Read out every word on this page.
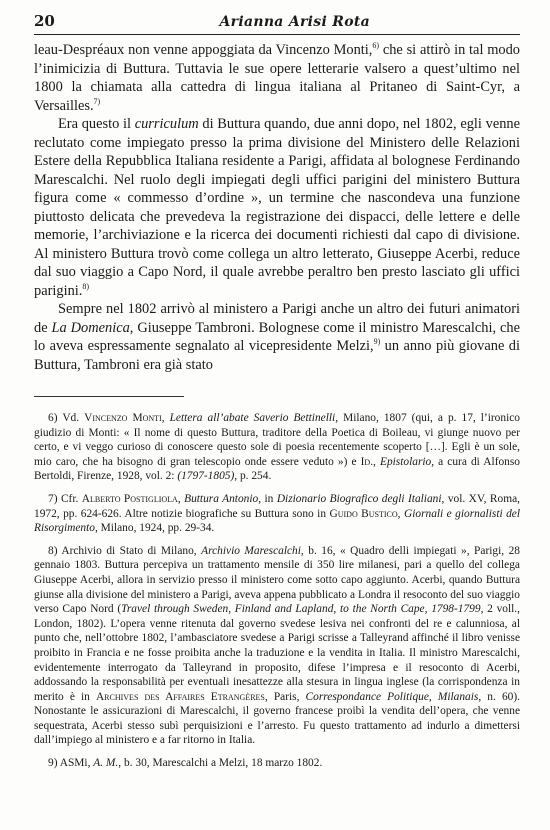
20	Arianna Arisi Rota

leau-Despréaux non venne appoggiata da Vincenzo Monti,$^{6)}$ che si attirò in tal modo l’inimicizia di Buttura. Tuttavia le sue opere letterarie valsero a quest’ultimo nel 1800 la chiamata alla cattedra di lingua italiana al Pritaneo di Saint-Cyr, a Versailles.$^{7)}$

Era questo il curriculum di Buttura quando, due anni dopo, nel 1802, egli venne reclutato come impiegato presso la prima divisione del Ministero delle Relazioni Estere della Repubblica Italiana residente a Parigi, affidata al bolognese Ferdinando Marescalchi. Nel ruolo degli impiegati degli uffici parigini del ministero Buttura figura come « commesso d’ordine », un termine che nascondeva una funzione piuttosto delicata che prevedeva la registrazione dei dispacci, delle lettere e delle memorie, l’archiviazione e la ricerca dei documenti richiesti dal capo di divisione. Al ministero Buttura trovò come collega un altro letterato, Giuseppe Acerbi, reduce dal suo viaggio a Capo Nord, il quale avrebbe peraltro ben presto lasciato gli uffici parigini.$^{8)}$

Sempre nel 1802 arrivò al ministero a Parigi anche un altro dei futuri animatori de La Domenica, Giuseppe Tambroni. Bolognese come il ministro Marescalchi, che lo aveva espressamente segnalato al vicepresidente Melzi,$^{9)}$ un anno più giovane di Buttura, Tambroni era già stato

6) Vd. Vincenzo Monti, Lettera all’abate Saverio Bettinelli, Milano, 1807 (qui, a p. 17, l’ironico giudizio di Monti: « Il nome di questo Buttura, traditore della Poetica di Boileau, vi giunge nuovo per certo, e vi veggo curioso di conoscere questo sole di poesia recentemente scoperto […]. Egli è un sole, mio caro, che ha bisogno di gran telescopio onde essere veduto ») e Id., Epistolario, a cura di Alfonso Bertoldi, Firenze, 1928, vol. 2: (1797-1805), p. 254.

7) Cfr. Alberto Postigliola, Buttura Antonio, in Dizionario Biografico degli Italiani, vol. XV, Roma, 1972, pp. 624-626. Altre notizie biografiche su Buttura sono in Guido Bustico, Giornali e giornalisti del Risorgimento, Milano, 1924, pp. 29-34.

8) Archivio di Stato di Milano, Archivio Marescalchi, b. 16, « Quadro delli impiegati », Parigi, 28 gennaio 1803. Buttura percepiva un trattamento mensile di 350 lire milanesi, pari a quello del collega Giuseppe Acerbi, allora in servizio presso il ministero come sotto capo aggiunto. Acerbi, quando Buttura giunse alla divisione del ministero a Parigi, aveva appena pubblicato a Londra il resoconto del suo viaggio verso Capo Nord (Travel through Sweden, Finland and Lapland, to the North Cape, 1798-1799, 2 voll., London, 1802). L’opera venne ritenuta dal governo svedese lesiva nei confronti del re e calunniosa, al punto che, nell’ottobre 1802, l’ambasciatore svedese a Parigi scrisse a Talleyrand affinché il libro venisse proibito in Francia e ne fosse proibita anche la traduzione e la vendita in Italia. Il ministro Marescalchi, evidentemente interrogato da Talleyrand in proposito, difese l’impresa e il resoconto di Acerbi, addossando la responsabilità per eventuali inesattezze alla stesura in lingua inglese (la corrispondenza in merito è in Archives des Affaires Etrangères, Paris, Correspondance Politique, Milanais, n. 60). Nonostante le assicurazioni di Marescalchi, il governo francese proibì la vendita dell’opera, che venne sequestrata, Acerbi stesso subì perquisizioni e l’arresto. Fu questo trattamento ad indurlo a dimettersi dall’impiego al ministero e a far ritorno in Italia.

9) ASMi, A. M., b. 30, Marescalchi a Melzi, 18 marzo 1802.
